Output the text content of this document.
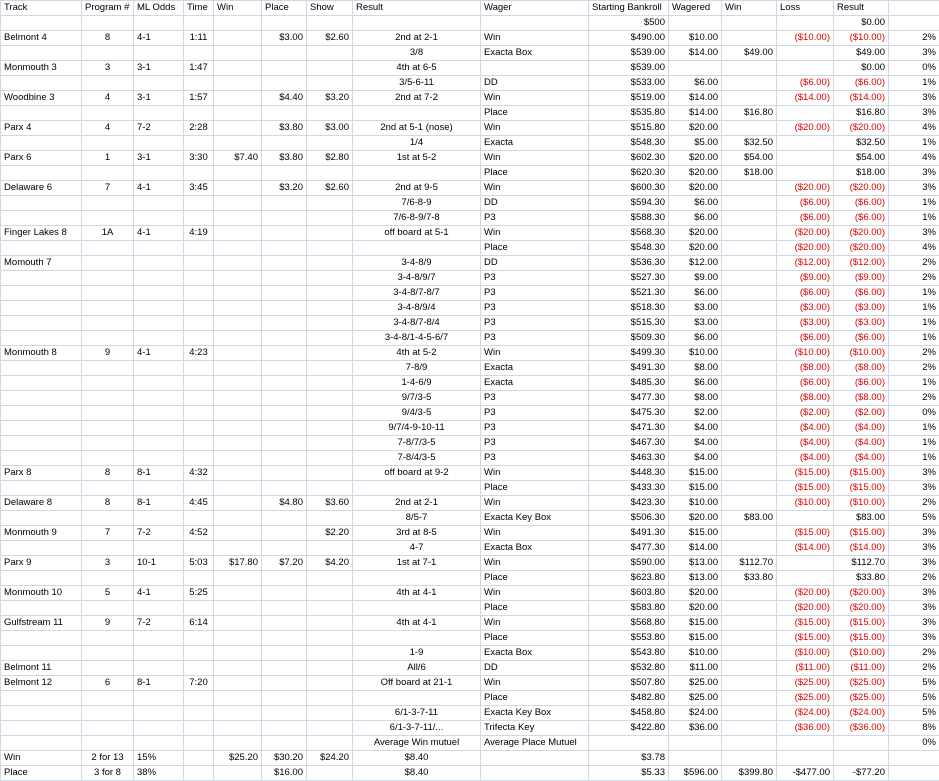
Track	Program #	ML Odds	Time	Win	Place	Show	Result	Wager	Starting Bankroll	Wagered	Win	Loss	Result	
									$500				$0.00	
Belmont 4	8	4-1	1:11		$3.00	$2.60	2nd at 2-1	Win	$490.00	$10.00		($10.00)	($10.00)	2%
							3/8	Exacta Box	$539.00	$14.00	$49.00		$49.00	3%
Monmouth 3	3	3-1	1:47				4th at 6-5		$539.00				$0.00	0%
							3/5-6-11	DD	$533.00	$6.00		($6.00)	($6.00)	1%
Woodbine 3	4	3-1	1:57		$4.40	$3.20	2nd at 7-2	Win	$519.00	$14.00		($14.00)	($14.00)	3%
								Place	$535.80	$14.00	$16.80		$16.80	3%
Parx 4	4	7-2	2:28		$3.80	$3.00	2nd at 5-1 (nose)	Win	$515.80	$20.00		($20.00)	($20.00)	4%
							1/4	Exacta	$548.30	$5.00	$32.50		$32.50	1%
Parx 6	1	3-1	3:30	$7.40	$3.80	$2.80	1st at 5-2	Win	$602.30	$20.00	$54.00		$54.00	4%
								Place	$620.30	$20.00	$18.00		$18.00	3%
Delaware 6	7	4-1	3:45		$3.20	$2.60	2nd at 9-5	Win	$600.30	$20.00		($20.00)	($20.00)	3%
							7/6-8-9	DD	$594.30	$6.00		($6.00)	($6.00)	1%
							7/6-8-9/7-8	P3	$588.30	$6.00		($6.00)	($6.00)	1%
Finger Lakes 8	1A	4-1	4:19				off board at 5-1	Win	$568.30	$20.00		($20.00)	($20.00)	3%
								Place	$548.30	$20.00		($20.00)	($20.00)	4%
Momouth 7							3-4-8/9	DD	$536.30	$12.00		($12.00)	($12.00)	2%
							3-4-8/9/7	P3	$527.30	$9.00		($9.00)	($9.00)	2%
							3-4-8/7-8/7	P3	$521.30	$6.00		($6.00)	($6.00)	1%
							3-4-8/9/4	P3	$518.30	$3.00		($3.00)	($3.00)	1%
							3-4-8/7-8/4	P3	$515.30	$3.00		($3.00)	($3.00)	1%
							3-4-8/1-4-5-6/7	P3	$509.30	$6.00		($6.00)	($6.00)	1%
Monmouth 8	9	4-1	4:23				4th at 5-2	Win	$499.30	$10.00		($10.00)	($10.00)	2%
							7-8/9	Exacta	$491.30	$8.00		($8.00)	($8.00)	2%
							1-4-6/9	Exacta	$485.30	$6.00		($6.00)	($6.00)	1%
							9/7/3-5	P3	$477.30	$8.00		($8.00)	($8.00)	2%
							9/4/3-5	P3	$475.30	$2.00		($2.00)	($2.00)	0%
							9/7/4-9-10-11	P3	$471.30	$4.00		($4.00)	($4.00)	1%
							7-8/7/3-5	P3	$467.30	$4.00		($4.00)	($4.00)	1%
							7-8/4/3-5	P3	$463.30	$4.00		($4.00)	($4.00)	1%
Parx 8	8	8-1	4:32				off board at 9-2	Win	$448.30	$15.00		($15.00)	($15.00)	3%
								Place	$433.30	$15.00		($15.00)	($15.00)	3%
Delaware 8	8	8-1	4:45		$4.80	$3.60	2nd at 2-1	Win	$423.30	$10.00		($10.00)	($10.00)	2%
							8/5-7	Exacta Key Box	$506.30	$20.00	$83.00		$83.00	5%
Monmouth 9	7	7-2	4:52			$2.20	3rd at 8-5	Win	$491.30	$15.00		($15.00)	($15.00)	3%
							4-7	Exacta Box	$477.30	$14.00		($14.00)	($14.00)	3%
Parx 9	3	10-1	5:03	$17.80	$7.20	$4.20	1st at 7-1	Win	$590.00	$13.00	$112.70		$112.70	3%
								Place	$623.80	$13.00	$33.80		$33.80	2%
Monmouth 10	5	4-1	5:25				4th at 4-1	Win	$603.80	$20.00		($20.00)	($20.00)	3%
								Place	$583.80	$20.00		($20.00)	($20.00)	3%
Gulfstream 11	9	7-2	6:14				4th at 4-1	Win	$568.80	$15.00		($15.00)	($15.00)	3%
								Place	$553.80	$15.00		($15.00)	($15.00)	3%
							1-9	Exacta Box	$543.80	$10.00		($10.00)	($10.00)	2%
Belmont 11							All/6	DD	$532.80	$11.00		($11.00)	($11.00)	2%
Belmont 12	6	8-1	7:20				Off board at 21-1	Win	$507.80	$25.00		($25.00)	($25.00)	5%
								Place	$482.80	$25.00		($25.00)	($25.00)	5%
							6/1-3-7-11	Exacta Key Box	$458.80	$24.00		($24.00)	($24.00)	5%
							6/1-3-7-11/...	Trifecta Key	$422.80	$36.00		($36.00)	($36.00)	8%
							Average Win mutuel	Average Place Mutuel						0%
Win	2 for 13	15%		$25.20	$30.20	$24.20	$8.40		$3.78					
Place	3 for 8	38%			$16.00		$8.40		$5.33	$596.00	$399.80	-$477.00	-$77.20	
